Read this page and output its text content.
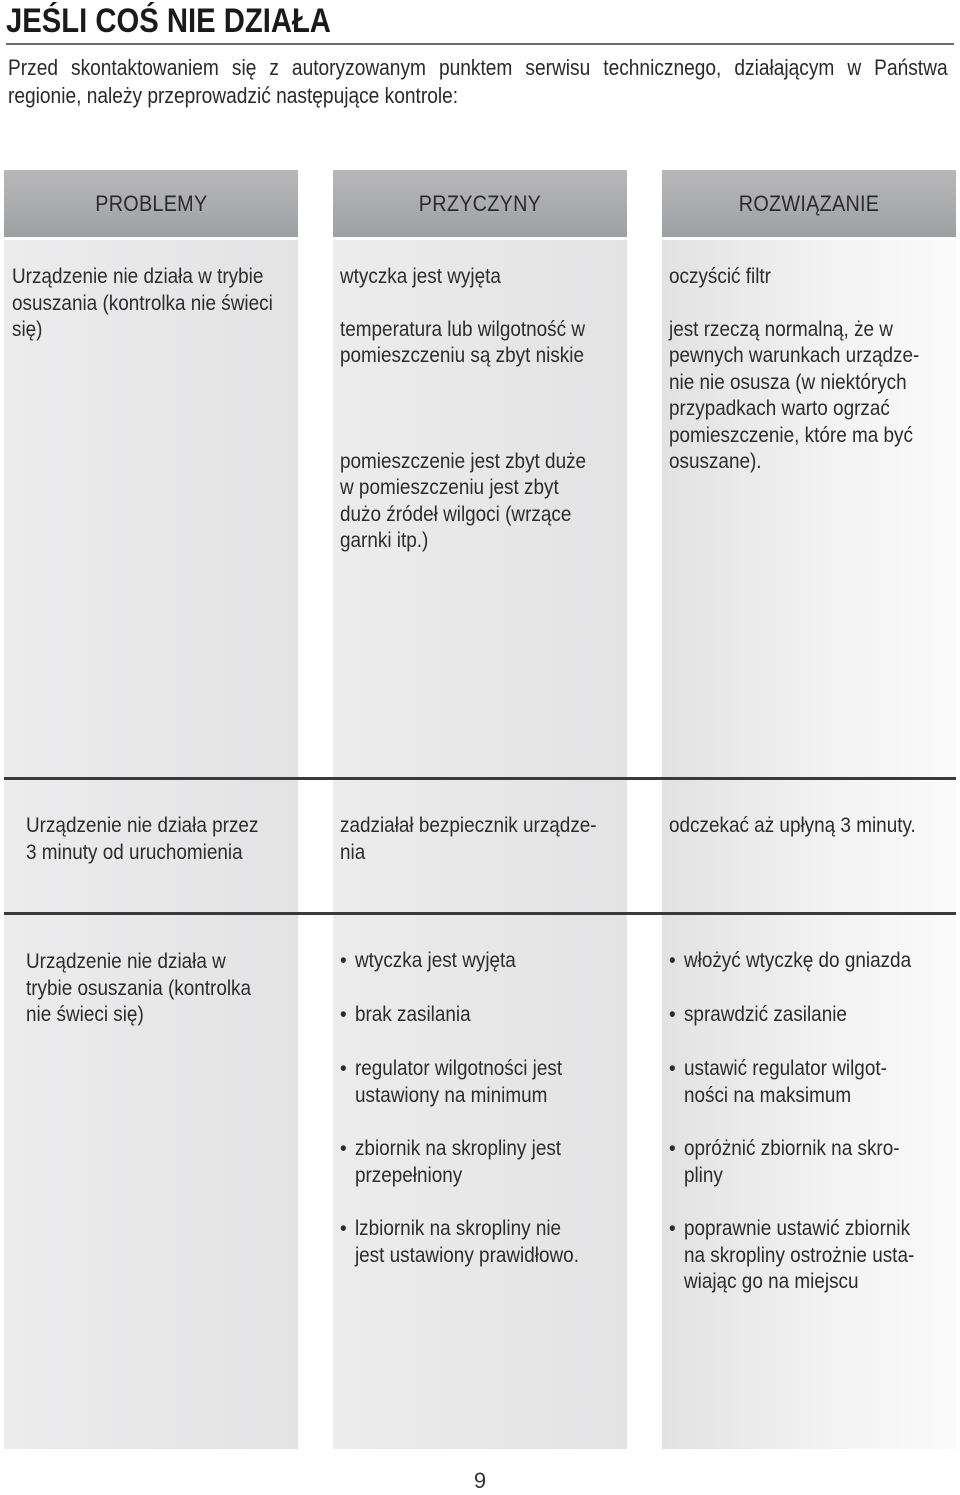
JEŚLI COŚ NIE DZIAŁA

Przed skontaktowaniem się z autoryzowanym punktem serwisu technicznego, działającym w Państwa regionie, należy przeprowadzić następujące kontrole:

PROBLEMY	PRZYCZYNY	ROZWIĄZANIE

Urządzenie nie działa w trybie
osuszania (kontrolka nie świeci
się)

wtyczka jest wyjęta

temperatura lub wilgotność w
pomieszczeniu są zbyt niskie

pomieszczenie jest zbyt duże
w pomieszczeniu jest zbyt
dużo źródeł wilgoci (wrzące
garnki itp.)

oczyścić filtr

jest rzeczą normalną, że w
pewnych warunkach urządze-
nie nie osusza (w niektórych
przypadkach warto ogrzać
pomieszczenie, które ma być
osuszane).

Urządzenie nie działa przez
3 minuty od uruchomienia

zadziałał bezpiecznik urządze-
nia

odczekać aż upłyną 3 minuty.

Urządzenie nie działa w
trybie osuszania (kontrolka
nie świeci się)

• wtyczka jest wyjęta
• brak zasilania
• regulator wilgotności jest
ustawiony na minimum
• zbiornik na skropliny jest
przepełniony
• lzbiornik na skropliny nie
jest ustawiony prawidłowo.
• włożyć wtyczkę do gniazda
• sprawdzić zasilanie
• ustawić regulator wilgot-
ności na maksimum
• opróżnić zbiornik na skro-
pliny
• poprawnie ustawić zbiornik
na skropliny ostrożnie usta-
wiając go na miejscu
9
